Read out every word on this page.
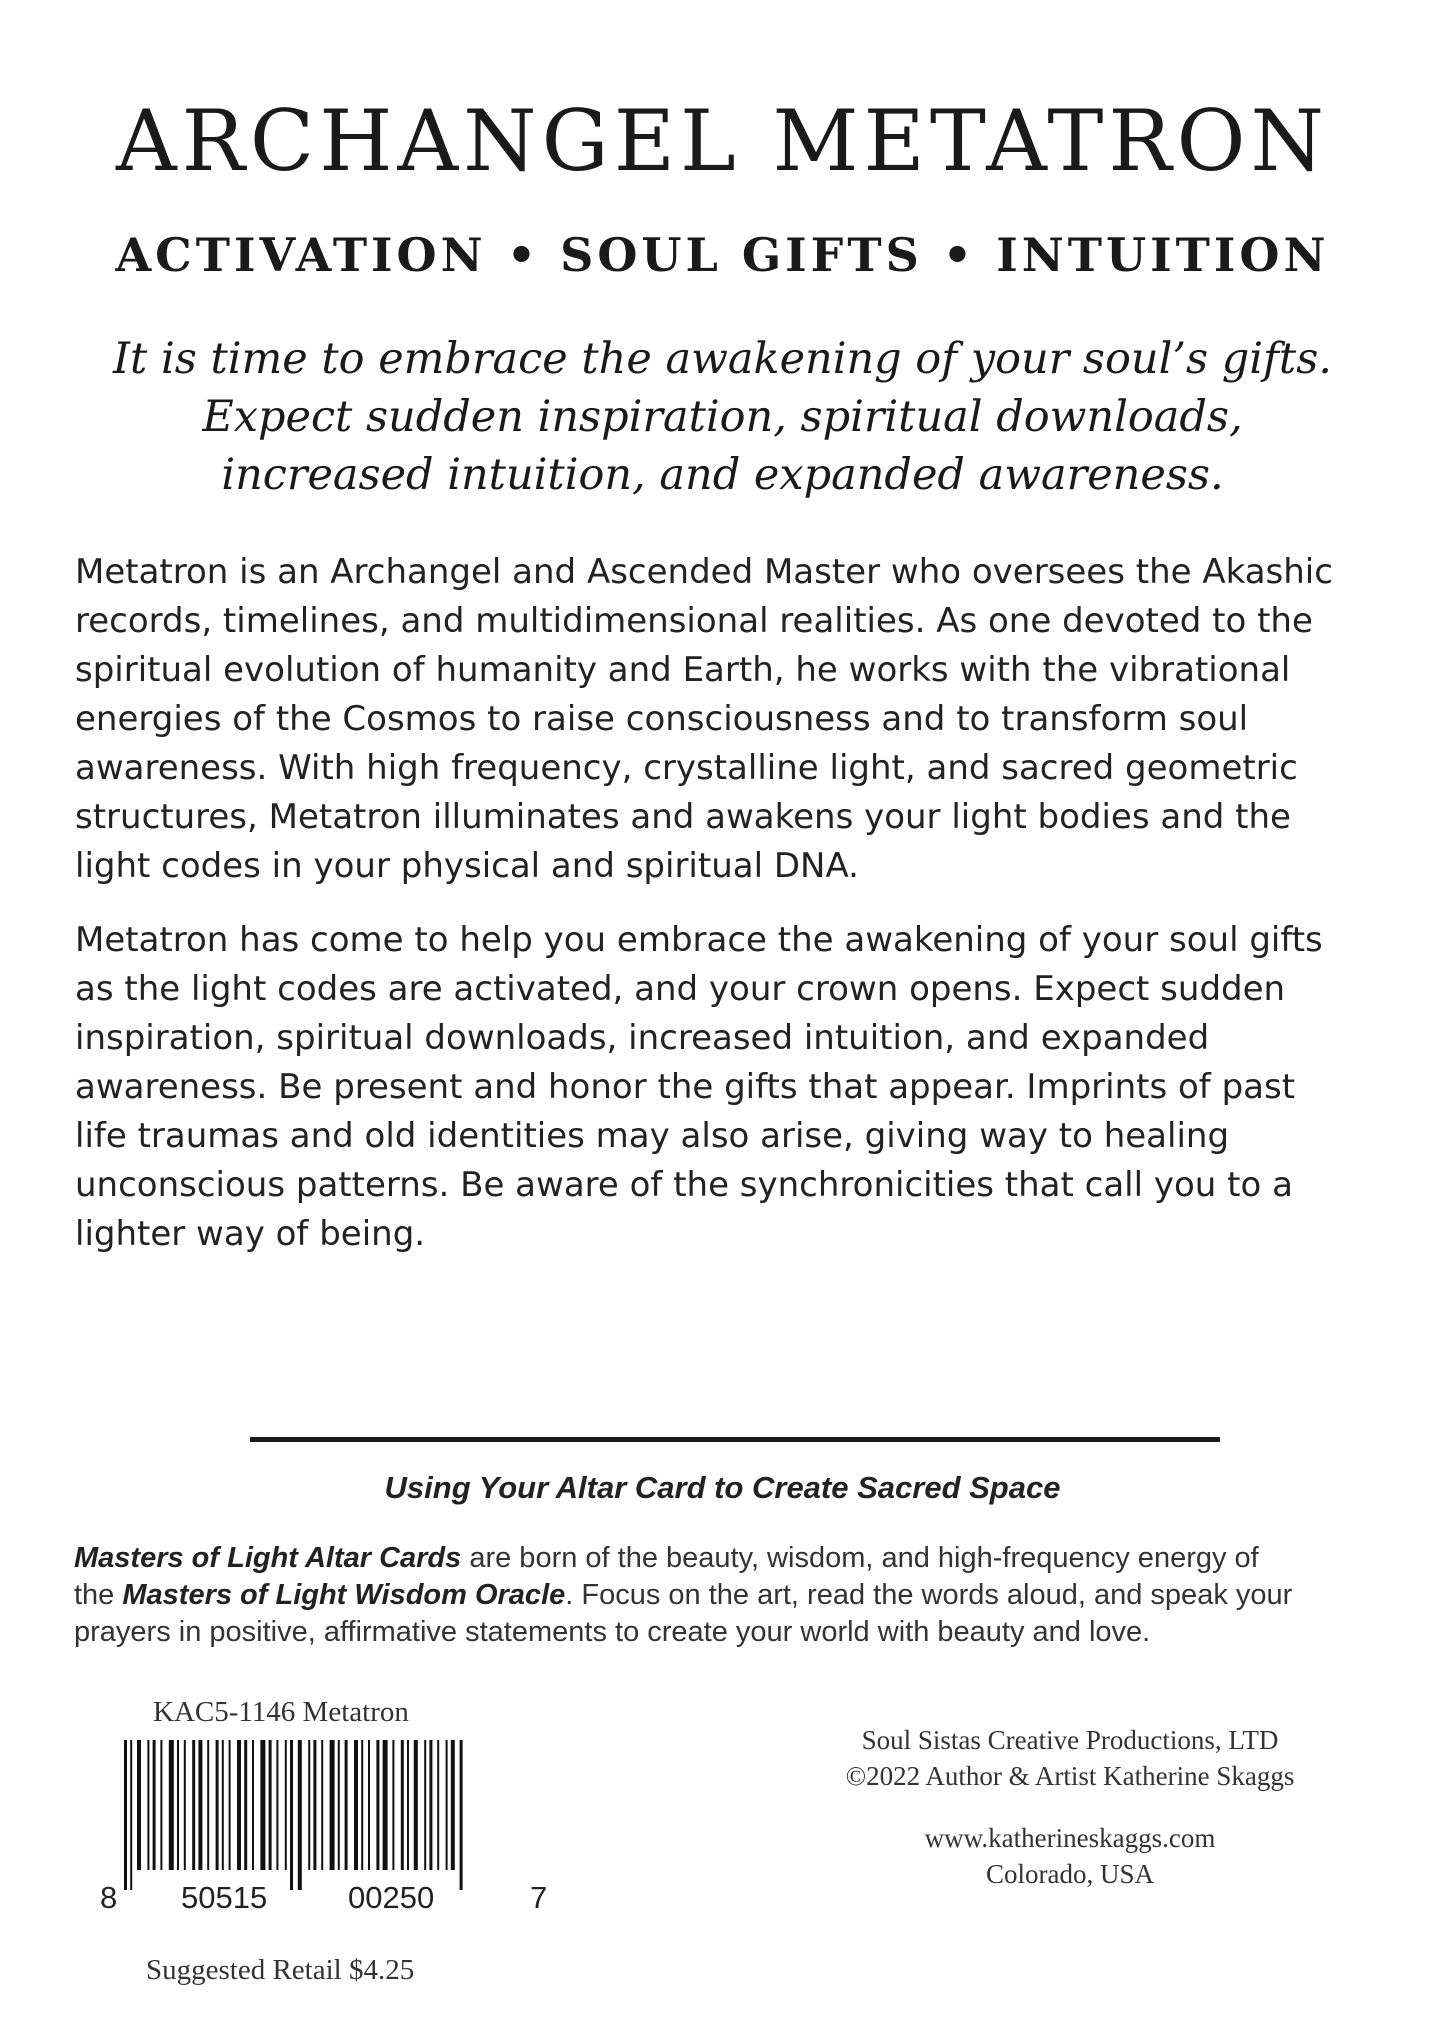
ARCHANGEL METATRON
ACTIVATION • SOUL GIFTS • INTUITION
It is time to embrace the awakening of your soul’s gifts.
Expect sudden inspiration, spiritual downloads,
increased intuition, and expanded awareness.
Metatron is an Archangel and Ascended Master who oversees the Akashic
records, timelines, and multidimensional realities. As one devoted to the
spiritual evolution of humanity and Earth, he works with the vibrational
energies of the Cosmos to raise consciousness and to transform soul
awareness. With high frequency, crystalline light, and sacred geometric
structures, Metatron illuminates and awakens your light bodies and the
light codes in your physical and spiritual DNA.
Metatron has come to help you embrace the awakening of your soul gifts
as the light codes are activated, and your crown opens. Expect sudden
inspiration, spiritual downloads, increased intuition, and expanded
awareness. Be present and honor the gifts that appear. Imprints of past
life traumas and old identities may also arise, giving way to healing
unconscious patterns. Be aware of the synchronicities that call you to a
lighter way of being.
Using Your Altar Card to Create Sacred Space
Masters of Light Altar Cards are born of the beauty, wisdom, and high-frequency energy of
the Masters of Light Wisdom Oracle. Focus on the art, read the words aloud, and speak your
prayers in positive, affirmative statements to create your world with beauty and love.

KAC5-1146 Metatron

8 50515	00250	7

Suggested Retail $4.25

Soul Sistas Creative Productions, LTD
©2022 Author & Artist Katherine Skaggs
www.katherineskaggs.com
Colorado, USA
